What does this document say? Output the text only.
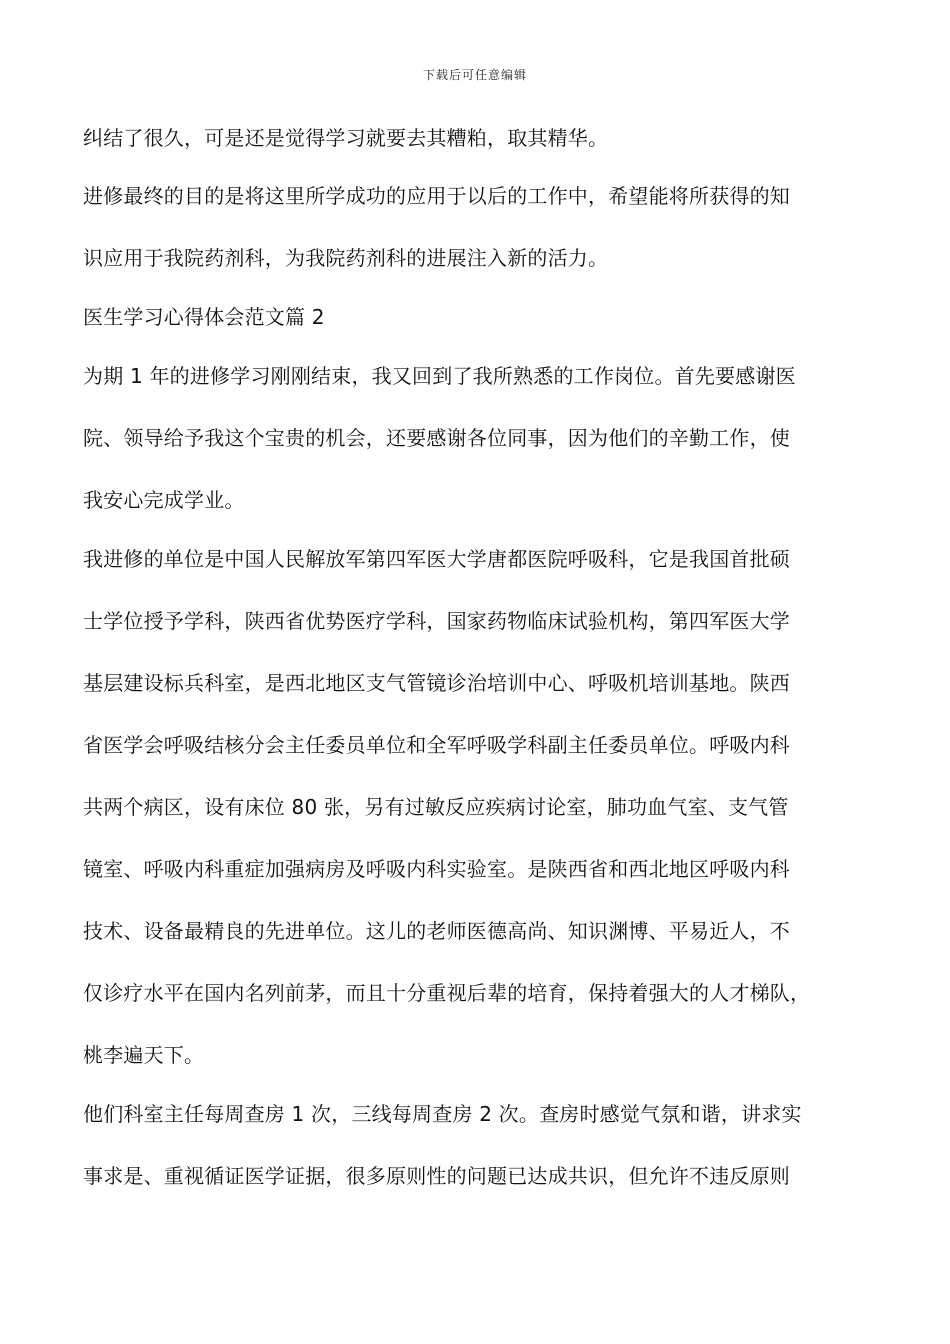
下载后可任意编辑
纠结了很久，可是还是觉得学习就要去其糟粕，取其精华。
进修最终的目的是将这里所学成功的应用于以后的工作中，希望能将所获得的知
识应用于我院药剂科，为我院药剂科的进展注入新的活力。
医生学习心得体会范文篇 2
为期 1 年的进修学习刚刚结束，我又回到了我所熟悉的工作岗位。首先要感谢医
院、领导给予我这个宝贵的机会，还要感谢各位同事，因为他们的辛勤工作，使
我安心完成学业。
我进修的单位是中国人民解放军第四军医大学唐都医院呼吸科，它是我国首批硕
士学位授予学科，陕西省优势医疗学科，国家药物临床试验机构，第四军医大学
基层建设标兵科室，是西北地区支气管镜诊治培训中心、呼吸机培训基地。陕西
省医学会呼吸结核分会主任委员单位和全军呼吸学科副主任委员单位。呼吸内科
共两个病区，设有床位 80 张，另有过敏反应疾病讨论室，肺功血气室、支气管
镜室、呼吸内科重症加强病房及呼吸内科实验室。是陕西省和西北地区呼吸内科
技术、设备最精良的先进单位。这儿的老师医德高尚、知识渊博、平易近人，不
仅诊疗水平在国内名列前茅，而且十分重视后辈的培育，保持着强大的人才梯队，
桃李遍天下。
他们科室主任每周查房 1 次，三线每周查房 2 次。查房时感觉气氛和谐，讲求实
事求是、重视循证医学证据，很多原则性的问题已达成共识，但允许不违反原则
